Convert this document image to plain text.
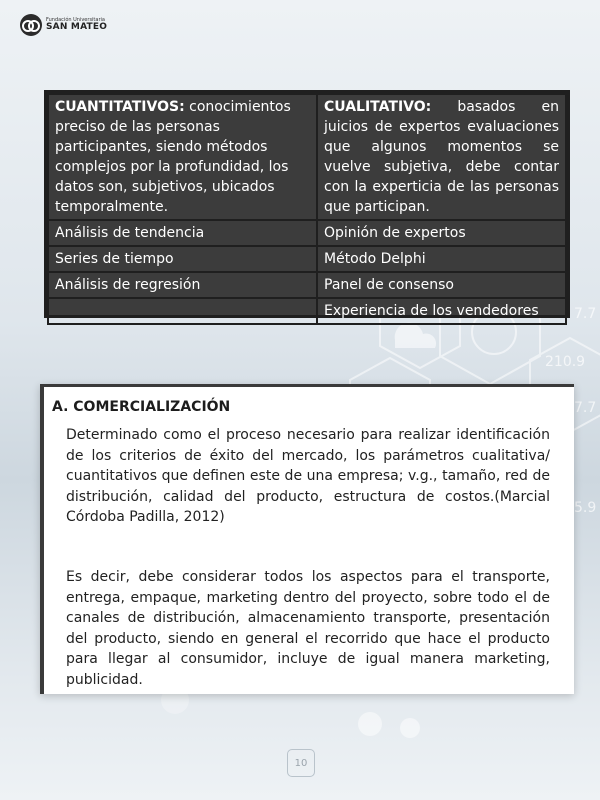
7.7
210.9
7.7
5.9
Fundación Universitaria
SAN MATEO
CUANTITATIVOS: conocimientos preciso de las personas participantes, siendo métodos complejos por la profundidad, los datos son, subjetivos, ubicados temporalmente.	CUALITATIVO: basados en juicios de expertos evaluaciones que algunos momentos se vuelve subjetiva, debe contar con la experticia de las personas que participan.
Análisis de tendencia	Opinión de expertos
Series de tiempo	Método Delphi
Análisis de regresión	Panel de consenso
	Experiencia de los vendedores
A. COMERCIALIZACIÓN
Determinado como el proceso necesario para realizar identificación de los criterios de éxito del mercado, los parámetros cualitativa/ cuantitativos que definen este de una empresa; v.g., tamaño, red de distribución, calidad del producto, estructura de costos.(Marcial Córdoba Padilla, 2012)
Es decir, debe considerar todos los aspectos para el transporte, entrega, empaque, marketing dentro del proyecto, sobre todo el de canales de distribución, almacenamiento transporte, presentación del producto, siendo en general el recorrido que hace el producto para llegar al consumidor, incluye de igual manera marketing, publicidad.
10
